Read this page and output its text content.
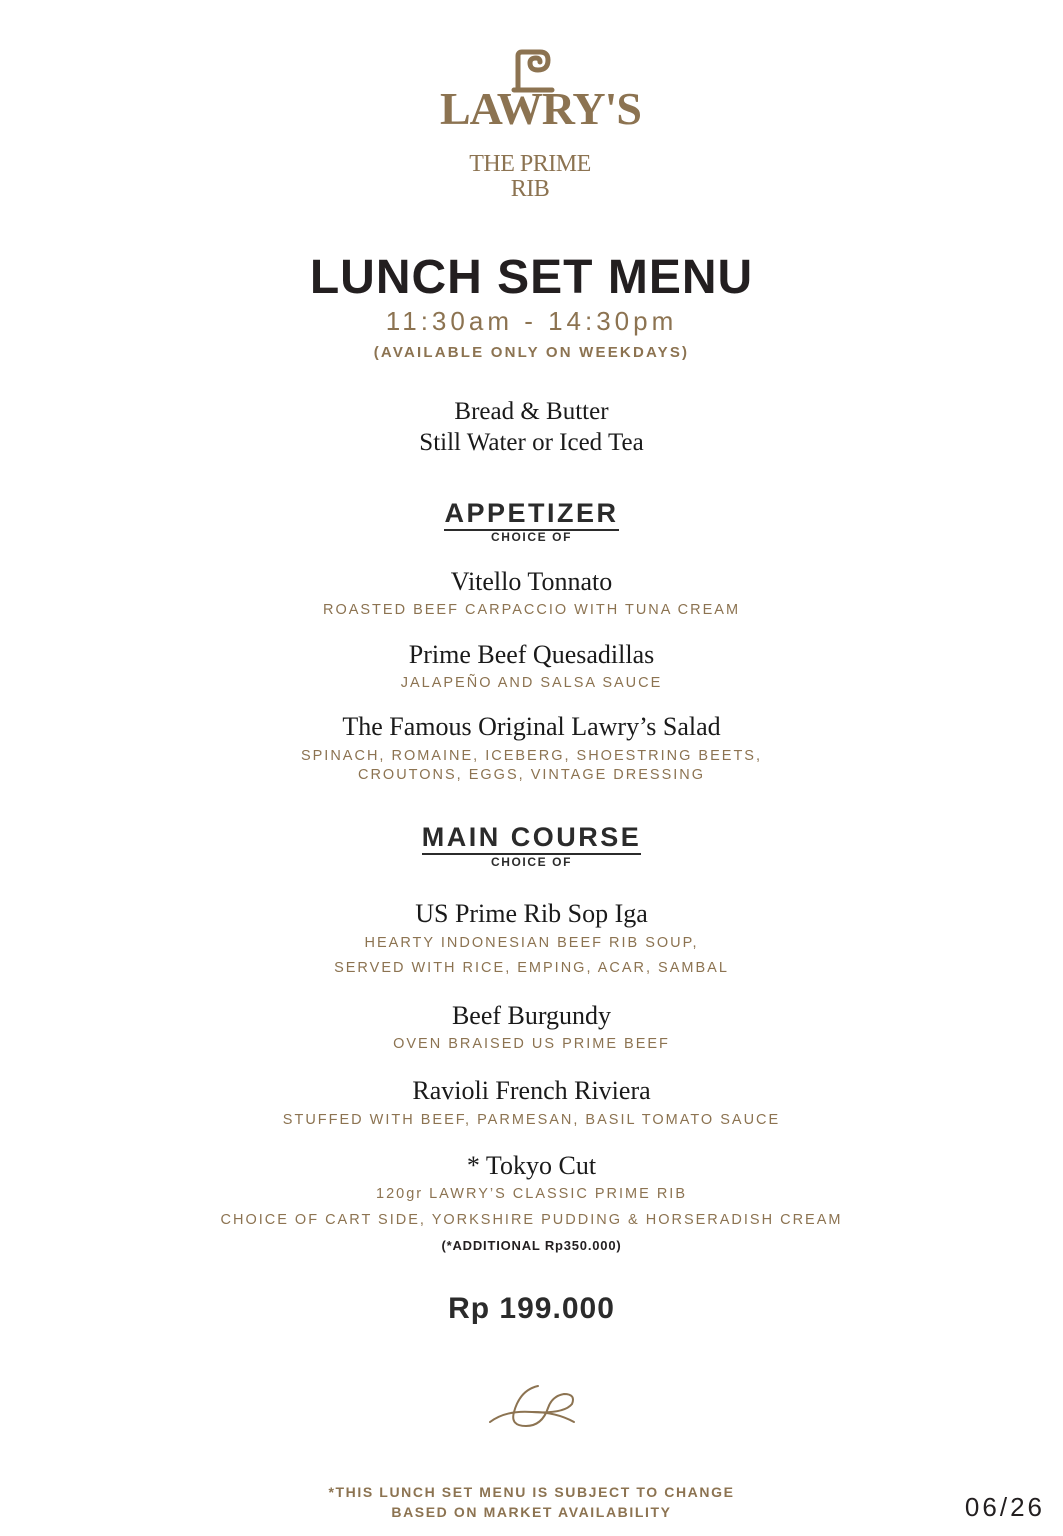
LAWRY'S
THE PRIME
RIB
LUNCH SET MENU
11:30am - 14:30pm
(AVAILABLE ONLY ON WEEKDAYS)
Bread & Butter
Still Water or Iced Tea
APPETIZER
CHOICE OF
Vitello Tonnato
ROASTED BEEF CARPACCIO WITH TUNA CREAM
Prime Beef Quesadillas
JALAPEÑO AND SALSA SAUCE
The Famous Original Lawry’s Salad
SPINACH, ROMAINE, ICEBERG, SHOESTRING BEETS,
CROUTONS, EGGS, VINTAGE DRESSING
MAIN COURSE
CHOICE OF
US Prime Rib Sop Iga
HEARTY INDONESIAN BEEF RIB SOUP,
SERVED WITH RICE, EMPING, ACAR, SAMBAL
Beef Burgundy
OVEN BRAISED US PRIME BEEF
Ravioli French Riviera
STUFFED WITH BEEF, PARMESAN, BASIL TOMATO SAUCE
* Tokyo Cut
120gr LAWRY’S CLASSIC PRIME RIB
CHOICE OF CART SIDE, YORKSHIRE PUDDING & HORSERADISH CREAM
(*ADDITIONAL Rp350.000)
Rp 199.000
*THIS LUNCH SET MENU IS SUBJECT TO CHANGE
BASED ON MARKET AVAILABILITY	06/26
